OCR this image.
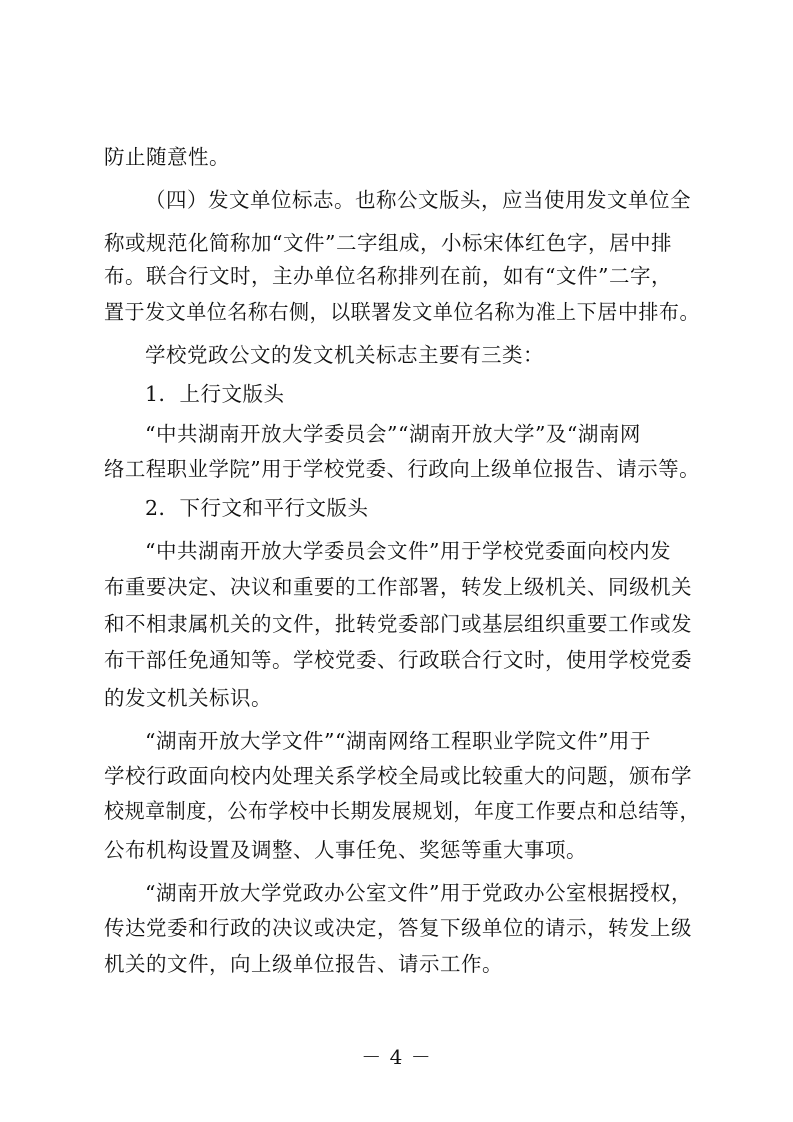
防止随意性。
（四）发文单位标志。也称公文版头，应当使用发文单位全
称或规范化简称加“文件”二字组成，小标宋体红色字，居中排
布。联合行文时，主办单位名称排列在前，如有“文件”二字，
置于发文单位名称右侧，以联署发文单位名称为准上下居中排布。
学校党政公文的发文机关标志主要有三类：
1．上行文版头
“中共湖南开放大学委员会”“湖南开放大学”及“湖南网
络工程职业学院”用于学校党委、行政向上级单位报告、请示等。
2．下行文和平行文版头
“中共湖南开放大学委员会文件”用于学校党委面向校内发
布重要决定、决议和重要的工作部署，转发上级机关、同级机关
和不相隶属机关的文件，批转党委部门或基层组织重要工作或发
布干部任免通知等。学校党委、行政联合行文时，使用学校党委
的发文机关标识。
“湖南开放大学文件”“湖南网络工程职业学院文件”用于
学校行政面向校内处理关系学校全局或比较重大的问题，颁布学
校规章制度，公布学校中长期发展规划，年度工作要点和总结等，
公布机构设置及调整、人事任免、奖惩等重大事项。
“湖南开放大学党政办公室文件”用于党政办公室根据授权，
传达党委和行政的决议或决定，答复下级单位的请示，转发上级
机关的文件，向上级单位报告、请示工作。
－ 4 －
